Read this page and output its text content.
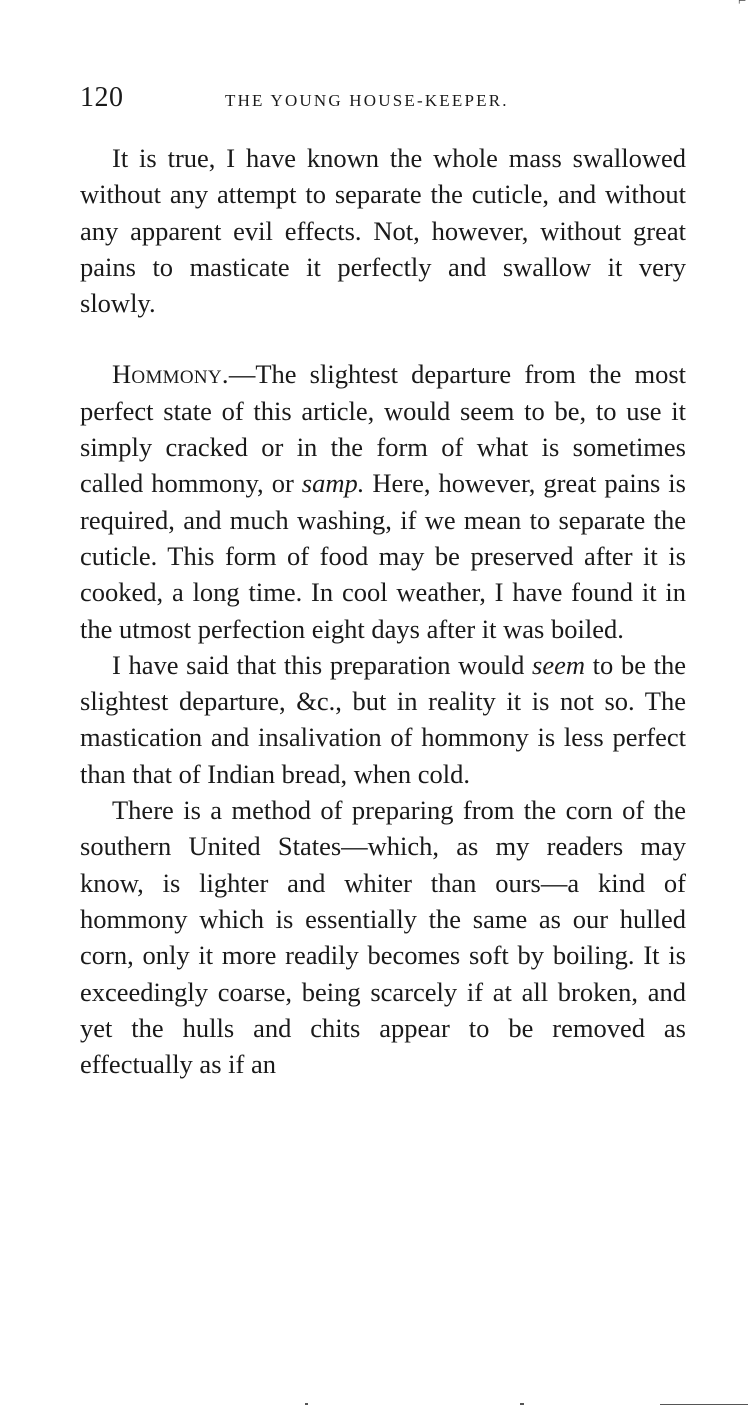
⌐
120	THE YOUNG HOUSE-KEEPER.

It is true, I have known the whole mass swallowed without any attempt to separate the cuticle, and without any apparent evil effects. Not, however, without great pains to masticate it perfectly and swallow it very slowly.

Hommony.—The slightest departure from the most perfect state of this article, would seem to be, to use it simply cracked or in the form of what is sometimes called hommony, or samp. Here, however, great pains is required, and much washing, if we mean to separate the cuticle. This form of food may be preserved after it is cooked, a long time. In cool weather, I have found it in the utmost perfection eight days after it was boiled.

I have said that this preparation would seem to be the slightest departure, &c., but in reality it is not so. The mastication and insalivation of hommony is less perfect than that of Indian bread, when cold.

There is a method of preparing from the corn of the southern United States—which, as my readers may know, is lighter and whiter than ours—a kind of hommony which is essentially the same as our hulled corn, only it more readily becomes soft by boiling. It is exceedingly coarse, being scarcely if at all broken, and yet the hulls and chits appear to be removed as effectually as if an
